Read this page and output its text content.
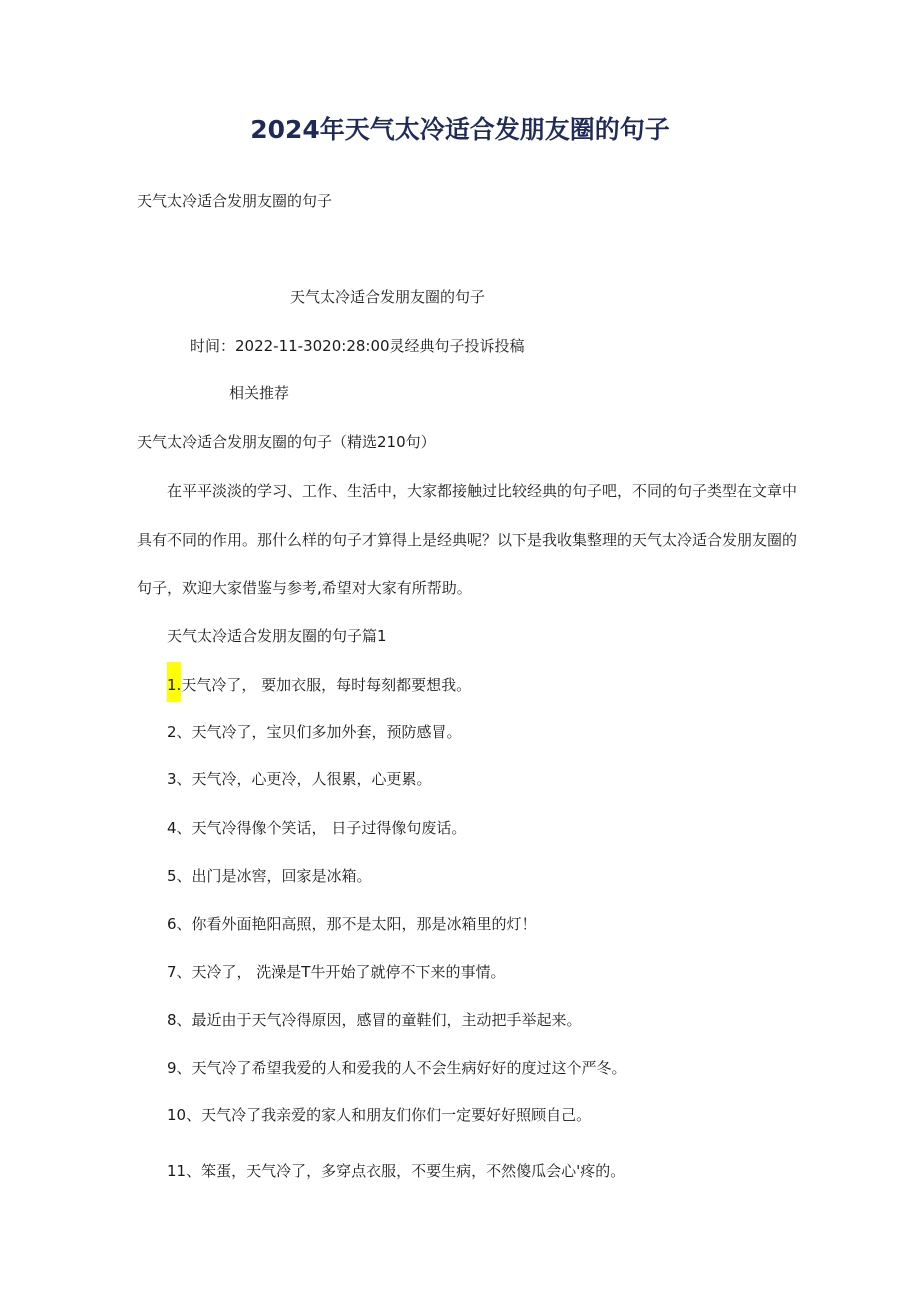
2024年天气太冷适合发朋友圈的句子
天气太冷适合发朋友圈的句子
天气太冷适合发朋友圈的句子
时间：2022-11-3020:28:00灵经典句子投诉投稿
相关推荐
天气太冷适合发朋友圈的句子（精选210句）
在平平淡淡的学习、工作、生活中，大家都接触过比较经典的句子吧，不同的句子类型在文章中
具有不同的作用。那什么样的句子才算得上是经典呢？以下是我收集整理的天气太冷适合发朋友圈的
句子，欢迎大家借鉴与参考,希望对大家有所帮助。
天气太冷适合发朋友圈的句子篇1
1.天气冷了， 要加衣服，每时每刻都要想我。
2、天气冷了，宝贝们多加外套，预防感冒。
3、天气冷，心更冷，人很累，心更累。
4、天气冷得像个笑话， 日子过得像句废话。
5、出门是冰窖，回家是冰箱。
6、你看外面艳阳高照，那不是太阳，那是冰箱里的灯！
7、天冷了， 洗澡是T牛开始了就停不下来的事情。
8、最近由于天气冷得原因，感冒的童鞋们，主动把手举起来。
9、天气冷了希望我爱的人和爱我的人不会生病好好的度过这个严冬。
10、天气冷了我亲爱的家人和朋友们你们一定要好好照顾自己。
11、笨蛋，天气冷了，多穿点衣服，不要生病，不然傻瓜会心'疼的。
